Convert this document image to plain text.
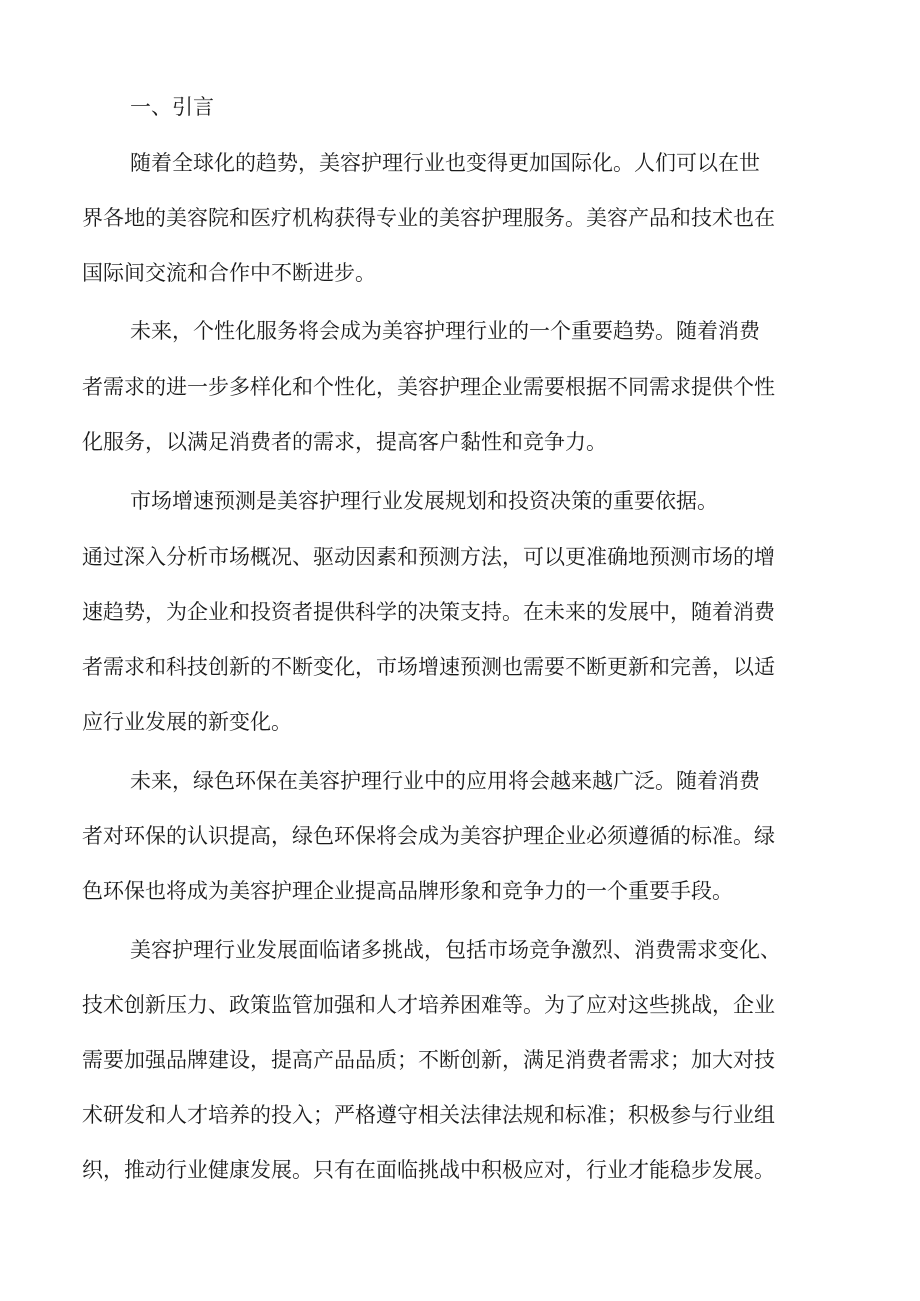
一、引言
随着全球化的趋势，美容护理行业也变得更加国际化。人们可以在世
界各地的美容院和医疗机构获得专业的美容护理服务。美容产品和技术也在
国际间交流和合作中不断进步。
未来，个性化服务将会成为美容护理行业的一个重要趋势。随着消费
者需求的进一步多样化和个性化，美容护理企业需要根据不同需求提供个性
化服务，以满足消费者的需求，提高客户黏性和竞争力。
市场增速预测是美容护理行业发展规划和投资决策的重要依据。
通过深入分析市场概况、驱动因素和预测方法，可以更准确地预测市场的增
速趋势，为企业和投资者提供科学的决策支持。在未来的发展中，随着消费
者需求和科技创新的不断变化，市场增速预测也需要不断更新和完善，以适
应行业发展的新变化。
未来，绿色环保在美容护理行业中的应用将会越来越广泛。随着消费
者对环保的认识提高，绿色环保将会成为美容护理企业必须遵循的标准。绿
色环保也将成为美容护理企业提高品牌形象和竞争力的一个重要手段。
美容护理行业发展面临诸多挑战，包括市场竞争激烈、消费需求变化、
技术创新压力、政策监管加强和人才培养困难等。为了应对这些挑战，企业
需要加强品牌建设，提高产品品质；不断创新，满足消费者需求；加大对技
术研发和人才培养的投入；严格遵守相关法律法规和标准；积极参与行业组
织，推动行业健康发展。只有在面临挑战中积极应对，行业才能稳步发展。
